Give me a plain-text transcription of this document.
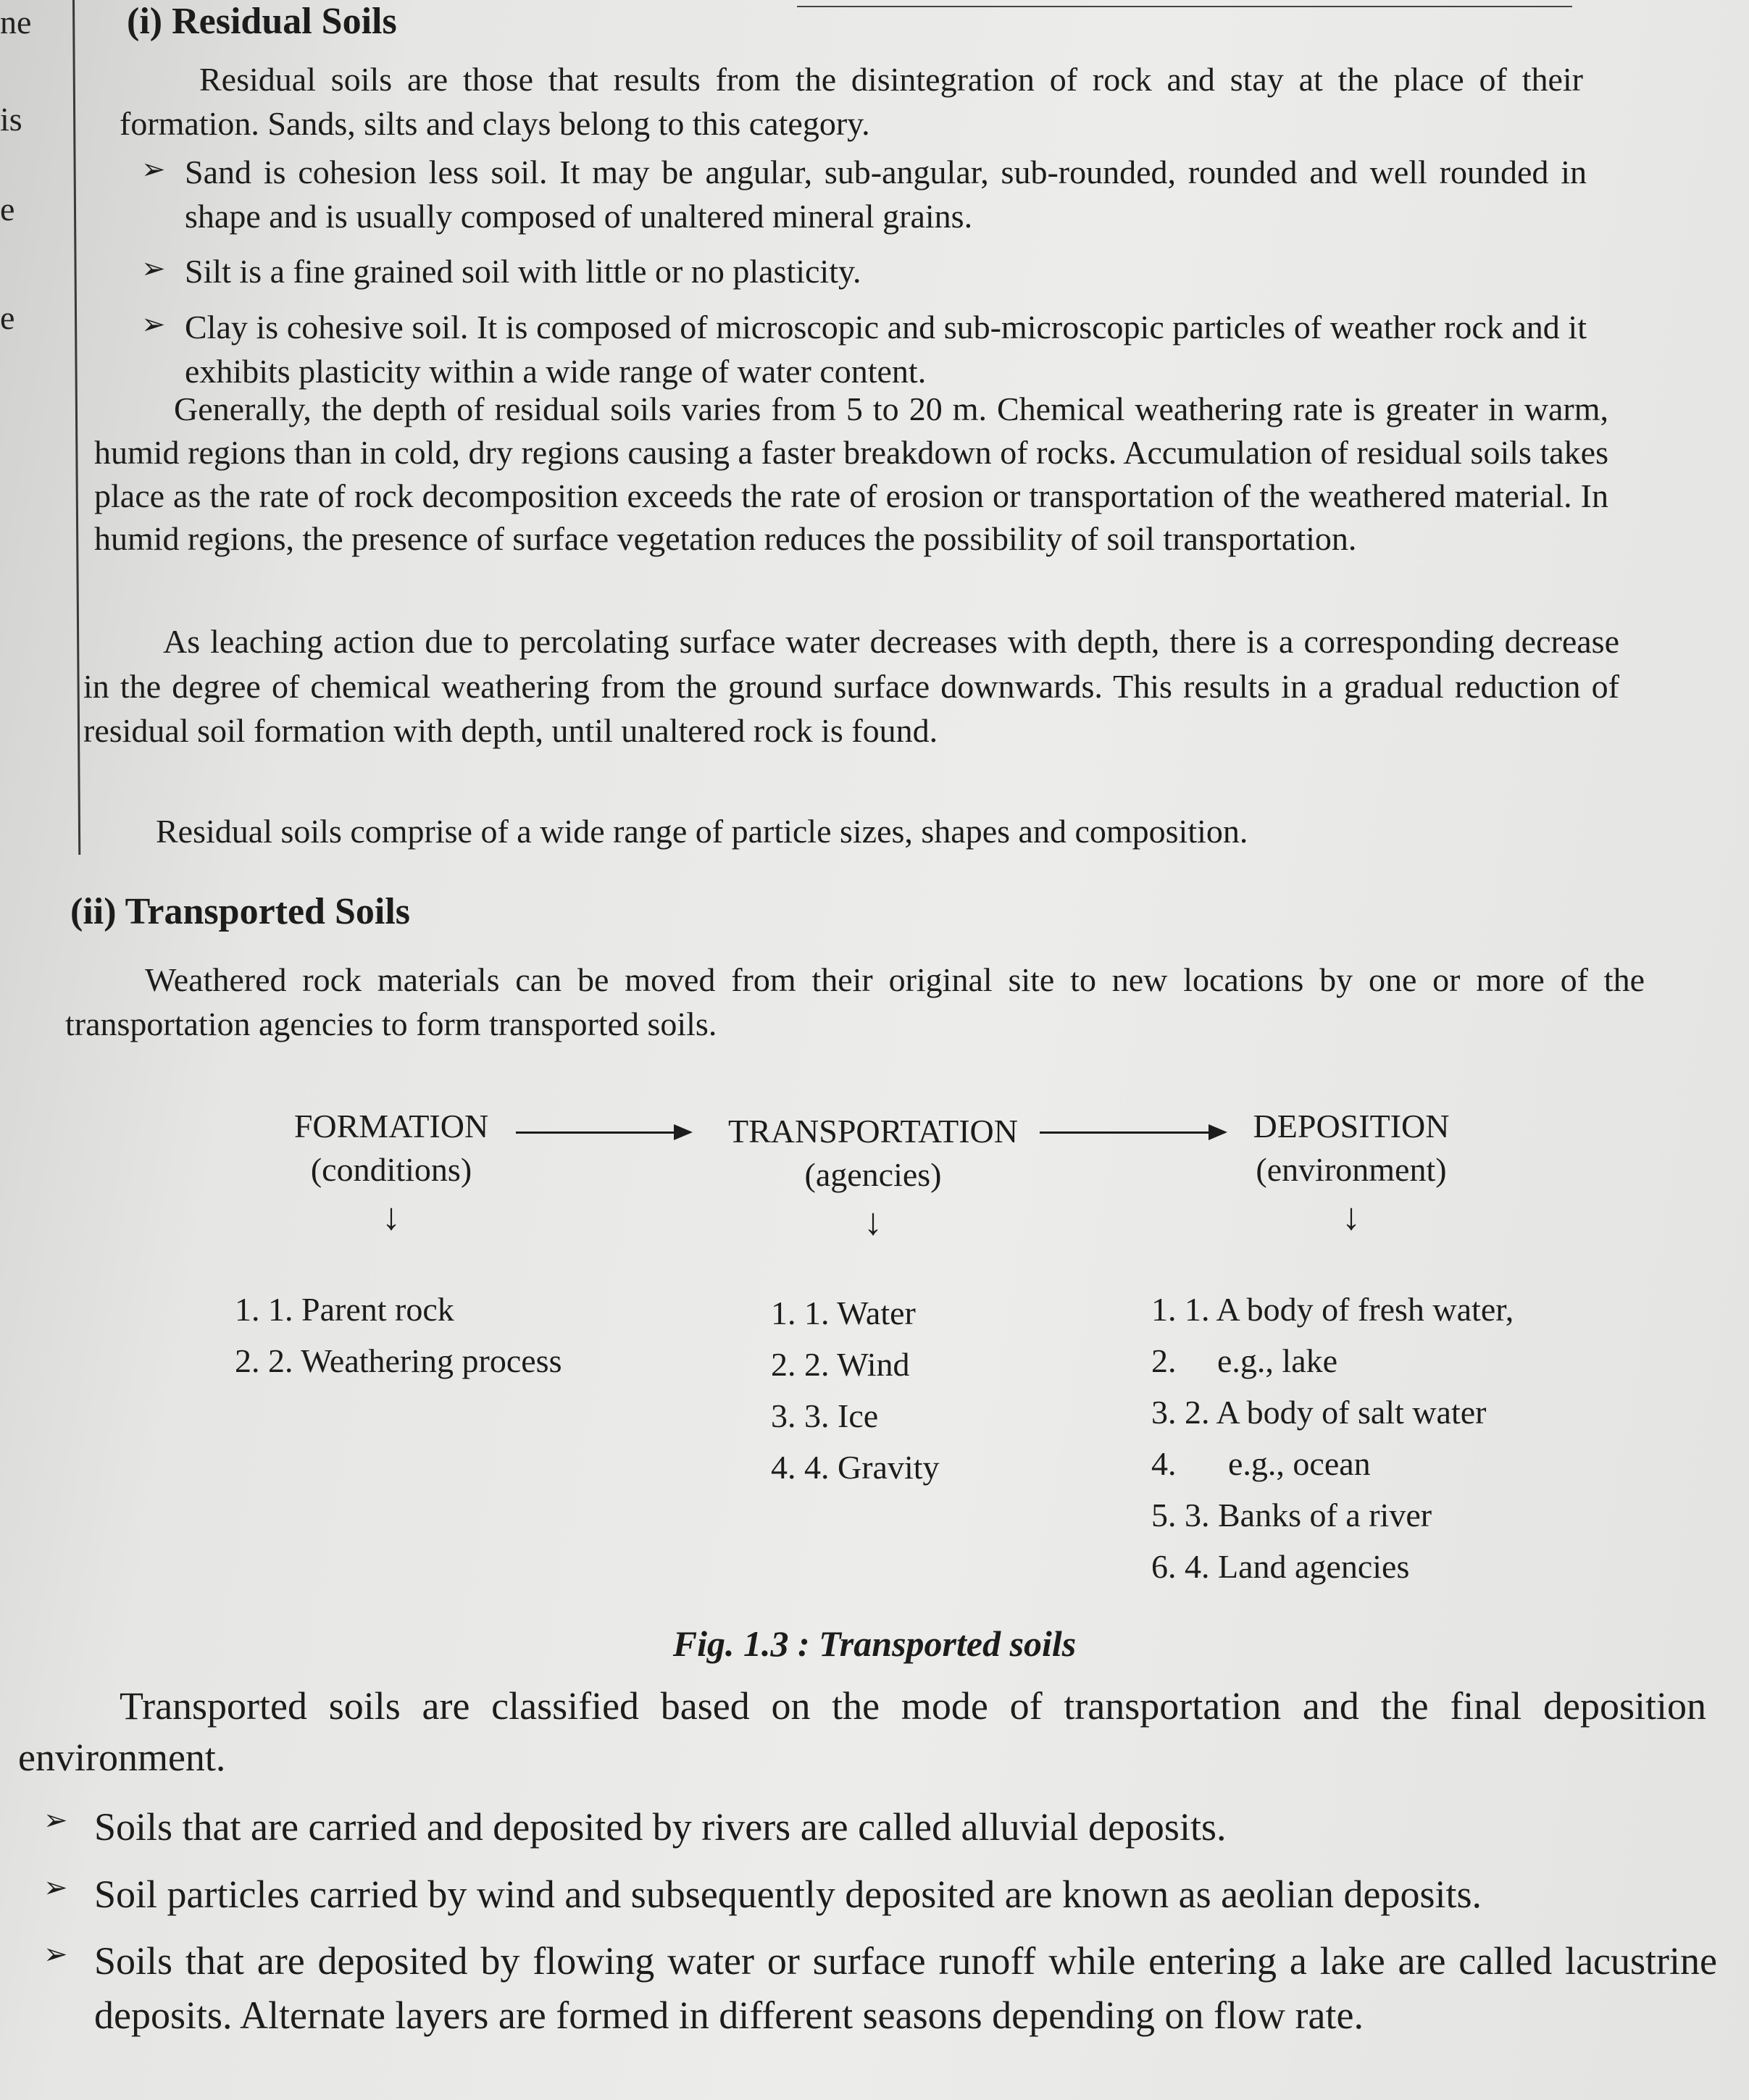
ne
is
e
e
(i) Residual Soils
Residual soils are those that results from the disintegration of rock and stay at the place of their formation. Sands, silts and clays belong to this category.
➢ Sand is cohesion less soil. It may be angular, sub-angular, sub-rounded, rounded and well rounded in shape and is usually composed of unaltered mineral grains.
➢ Silt is a fine grained soil with little or no plasticity.
➢ Clay is cohesive soil. It is composed of microscopic and sub-microscopic particles of weather rock and it exhibits plasticity within a wide range of water content.
Generally, the depth of residual soils varies from 5 to 20 m. Chemical weathering rate is greater in warm, humid regions than in cold, dry regions causing a faster breakdown of rocks. Accumulation of residual soils takes place as the rate of rock decomposition exceeds the rate of erosion or transportation of the weathered material. In humid regions, the presence of surface vegetation reduces the possibility of soil transportation.
As leaching action due to percolating surface water decreases with depth, there is a corresponding decrease in the degree of chemical weathering from the ground surface downwards. This results in a gradual reduction of residual soil formation with depth, until unaltered rock is found.
Residual soils comprise of a wide range of particle sizes, shapes and composition.
(ii) Transported Soils
Weathered rock materials can be moved from their original site to new locations by one or more of the transportation agencies to form transported soils.
FORMATION
(conditions)
↓
1. 1. Parent rock
2. 2. Weathering process
TRANSPORTATION
(agencies)
↓
1. 1. Water
2. 2. Wind
3. 3. Ice
4. 4. Gravity
DEPOSITION
(environment)
↓
1. 1. A body of fresh water,
2. e.g., lake
3. 2. A body of salt water
4. e.g., ocean
5. 3. Banks of a river
6. 4. Land agencies
Fig. 1.3 : Transported soils
Transported soils are classified based on the mode of transportation and the final deposition environment.
➢ Soils that are carried and deposited by rivers are called alluvial deposits.
➢ Soil particles carried by wind and subsequently deposited are known as aeolian deposits.
➢ Soils that are deposited by flowing water or surface runoff while entering a lake are called lacustrine deposits. Alternate layers are formed in different seasons depending on flow rate.
